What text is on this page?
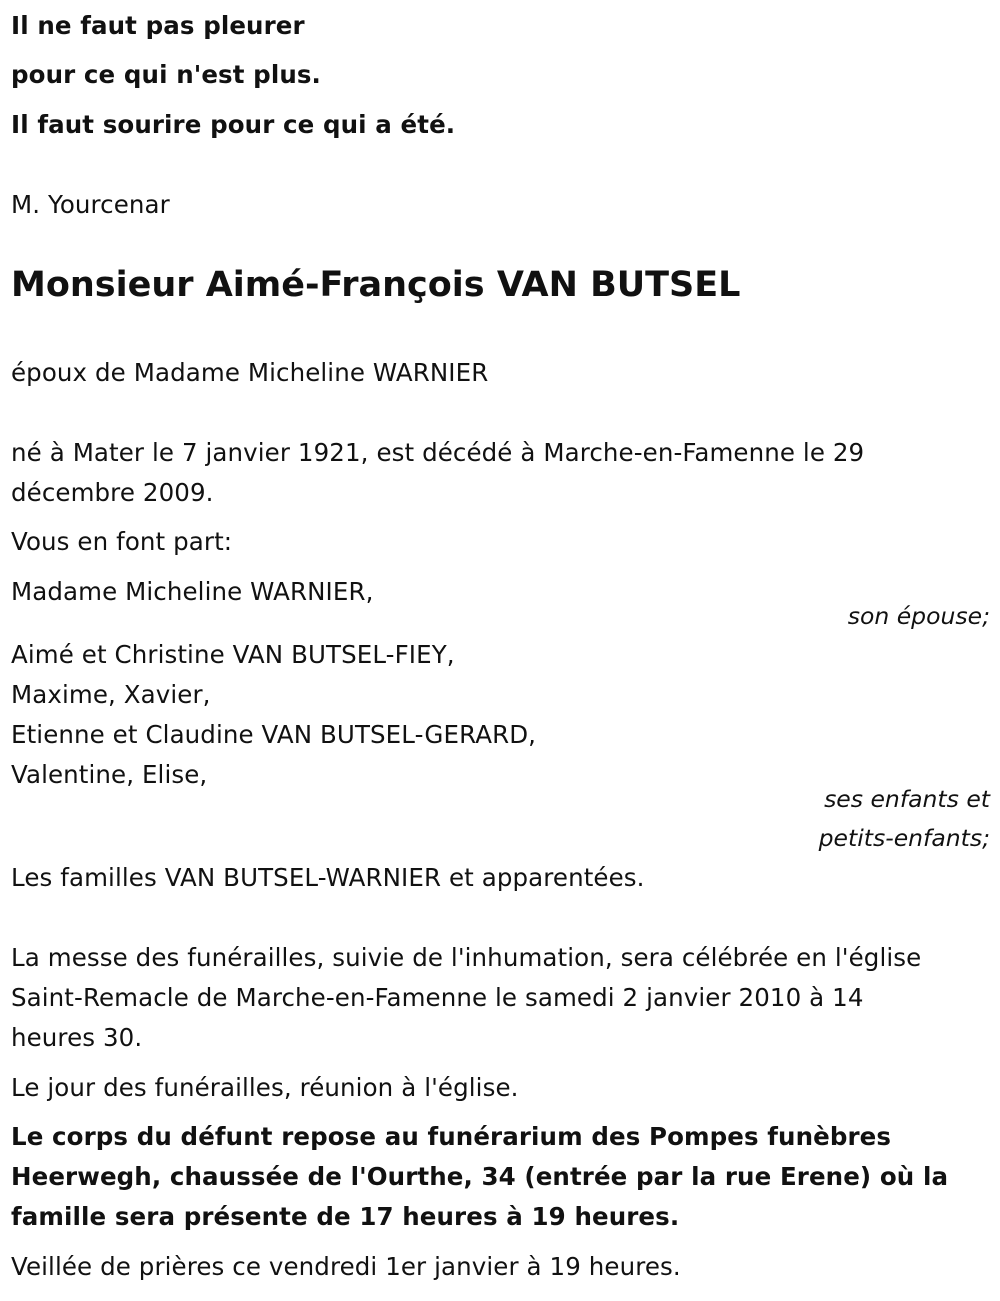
Il ne faut pas pleurer
pour ce qui n'est plus.
Il faut sourire pour ce qui a été.
M. Yourcenar
Monsieur Aimé-François VAN BUTSEL
époux de Madame Micheline WARNIER
né à Mater le 7 janvier 1921, est décédé à Marche-en-Famenne le 29
décembre 2009.
Vous en font part:
Madame Micheline WARNIER,
son épouse;
Aimé et Christine VAN BUTSEL-FIEY,
Maxime, Xavier,
Etienne et Claudine VAN BUTSEL-GERARD,
Valentine, Elise,
ses enfants et
petits-enfants;
Les familles VAN BUTSEL-WARNIER et apparentées.
La messe des funérailles, suivie de l'inhumation, sera célébrée en l'église
Saint-Remacle de Marche-en-Famenne le samedi 2 janvier 2010 à 14
heures 30.
Le jour des funérailles, réunion à l'église.
Le corps du défunt repose au funérarium des Pompes funèbres
Heerwegh, chaussée de l'Ourthe, 34 (entrée par la rue Erene) où la
famille sera présente de 17 heures à 19 heures.
Veillée de prières ce vendredi 1er janvier à 19 heures.
